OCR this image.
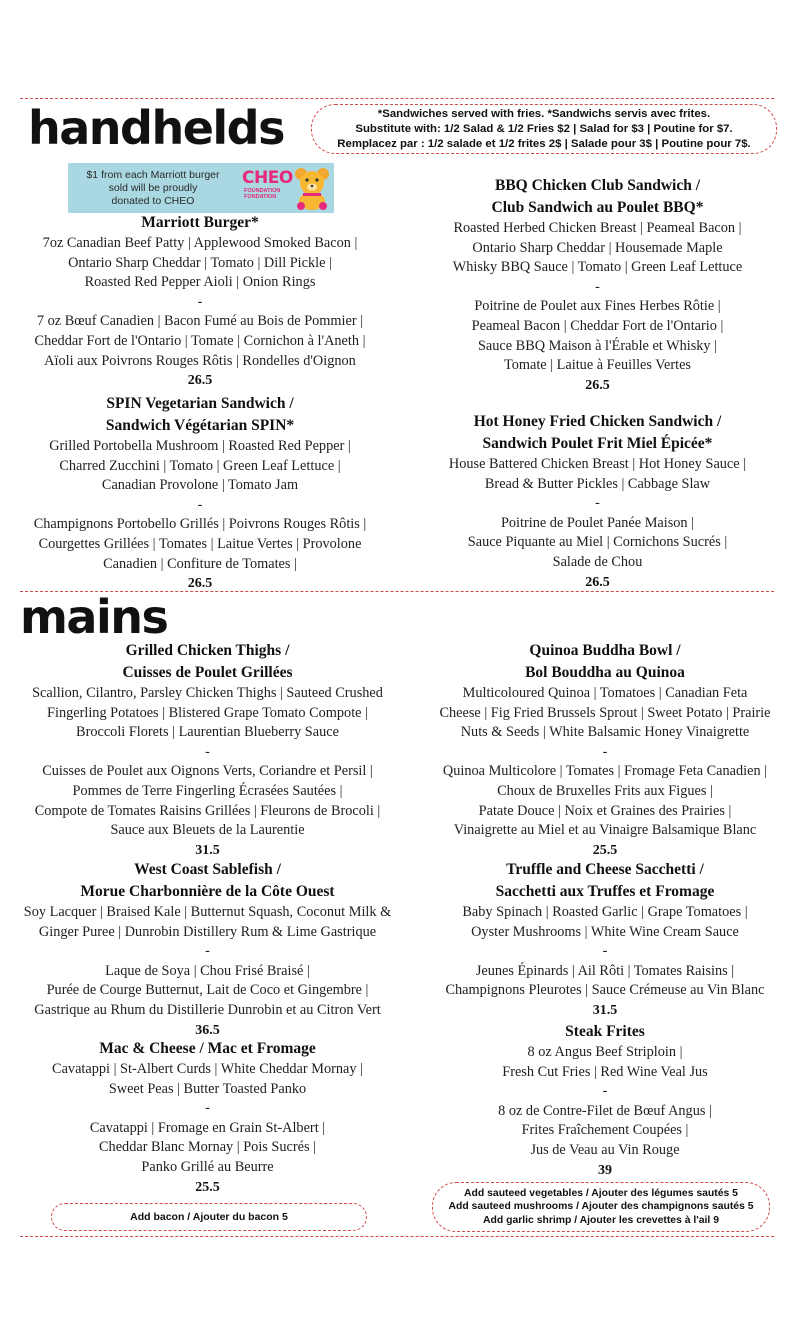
handhelds	*Sandwiches served with fries. *Sandwichs servis avec frites.
Substitute with: 1/2 Salad & 1/2 Fries $2 | Salad for $3 | Poutine for $7.
Remplacez par : 1/2 salade et 1/2 frites 2$ | Salade pour 3$ | Poutine pour 7$.
$1 from each Marriott burger
sold will be proudly
donated to CHEO
CHEO
FOUNDATION
FONDATION
Marriott Burger*
7oz Canadian Beef Patty | Applewood Smoked Bacon |
Ontario Sharp Cheddar | Tomato | Dill Pickle |
Roasted Red Pepper Aioli | Onion Rings
-
7 oz Bœuf Canadien | Bacon Fumé au Bois de Pommier |
Cheddar Fort de l'Ontario | Tomate | Cornichon à l'Aneth |
Aïoli aux Poivrons Rouges Rôtis | Rondelles d'Oignon
26.5
SPIN Vegetarian Sandwich /
Sandwich Végétarian SPIN*
Grilled Portobella Mushroom | Roasted Red Pepper |
Charred Zucchini | Tomato | Green Leaf Lettuce |
Canadian Provolone | Tomato Jam
-
Champignons Portobello Grillés | Poivrons Rouges Rôtis |
Courgettes Grillées | Tomates | Laitue Vertes | Provolone
Canadien | Confiture de Tomates |
26.5
BBQ Chicken Club Sandwich /
Club Sandwich au Poulet BBQ*
Roasted Herbed Chicken Breast | Peameal Bacon |
Ontario Sharp Cheddar | Housemade Maple
Whisky BBQ Sauce | Tomato | Green Leaf Lettuce
-
Poitrine de Poulet aux Fines Herbes Rôtie |
Peameal Bacon | Cheddar Fort de l'Ontario |
Sauce BBQ Maison à l'Érable et Whisky |
Tomate | Laitue à Feuilles Vertes
26.5
Hot Honey Fried Chicken Sandwich /
Sandwich Poulet Frit Miel Épicée*
House Battered Chicken Breast | Hot Honey Sauce |
Bread & Butter Pickles | Cabbage Slaw
-
Poitrine de Poulet Panée Maison |
Sauce Piquante au Miel | Cornichons Sucrés |
Salade de Chou
26.5
mains
Grilled Chicken Thighs /
Cuisses de Poulet Grillées
Scallion, Cilantro, Parsley Chicken Thighs | Sauteed Crushed
Fingerling Potatoes | Blistered Grape Tomato Compote |
Broccoli Florets | Laurentian Blueberry Sauce
-
Cuisses de Poulet aux Oignons Verts, Coriandre et Persil |
Pommes de Terre Fingerling Écrasées Sautées |
Compote de Tomates Raisins Grillées | Fleurons de Brocoli |
Sauce aux Bleuets de la Laurentie
31.5
West Coast Sablefish /
Morue Charbonnière de la Côte Ouest
Soy Lacquer | Braised Kale | Butternut Squash, Coconut Milk &
Ginger Puree | Dunrobin Distillery Rum & Lime Gastrique
-
Laque de Soya | Chou Frisé Braisé |
Purée de Courge Butternut, Lait de Coco et Gingembre |
Gastrique au Rhum du Distillerie Dunrobin et au Citron Vert
36.5
Mac & Cheese / Mac et Fromage
Cavatappi | St-Albert Curds | White Cheddar Mornay |
Sweet Peas | Butter Toasted Panko
-
Cavatappi | Fromage en Grain St-Albert |
Cheddar Blanc Mornay | Pois Sucrés |
Panko Grillé au Beurre
25.5
Quinoa Buddha Bowl /
Bol Bouddha au Quinoa
Multicoloured Quinoa | Tomatoes | Canadian Feta
Cheese | Fig Fried Brussels Sprout | Sweet Potato | Prairie
Nuts & Seeds | White Balsamic Honey Vinaigrette
-
Quinoa Multicolore | Tomates | Fromage Feta Canadien |
Choux de Bruxelles Frits aux Figues |
Patate Douce | Noix et Graines des Prairies |
Vinaigrette au Miel et au Vinaigre Balsamique Blanc
25.5
Truffle and Cheese Sacchetti /
Sacchetti aux Truffes et Fromage
Baby Spinach | Roasted Garlic | Grape Tomatoes |
Oyster Mushrooms | White Wine Cream Sauce
-
Jeunes Épinards | Ail Rôti | Tomates Raisins |
Champignons Pleurotes | Sauce Crémeuse au Vin Blanc
31.5
Steak Frites
8 oz Angus Beef Striploin |
Fresh Cut Fries | Red Wine Veal Jus
-
8 oz de Contre-Filet de Bœuf Angus |
Frites Fraîchement Coupées |
Jus de Veau au Vin Rouge
39
Add bacon / Ajouter du bacon 5
Add sauteed vegetables / Ajouter des légumes sautés 5
Add sauteed mushrooms / Ajouter des champignons sautés 5
Add garlic shrimp / Ajouter les crevettes à l'ail 9
